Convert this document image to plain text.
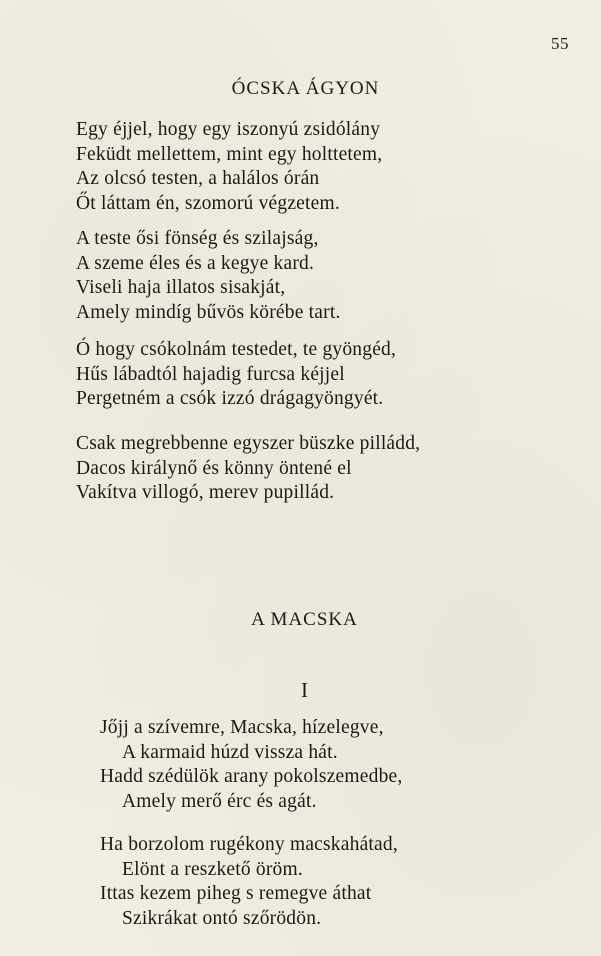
55
ÓCSKA ÁGYON
Egy éjjel, hogy egy iszonyú zsidólány
Feküdt mellettem, mint egy holttetem,
Az olcsó testen, a halálos órán
Őt láttam én, szomorú végzetem.
A teste ősi fönség és szilajság,
A szeme éles és a kegye kard.
Viseli haja illatos sisakját,
Amely mindíg bűvös körébe tart.
Ó hogy csókolnám testedet, te gyöngéd,
Hűs lábadtól hajadig furcsa kéjjel
Pergetném a csók izzó drágagyöngyét.
Csak megrebbenne egyszer büszke pilládd,
Dacos királynő és könny öntené el
Vakítva villogó, merev pupillád.
A MACSKA
I
Jőjj a szívemre, Macska, hízelegve,
A karmaid húzd vissza hát.
Hadd szédülök arany pokolszemedbe,
Amely merő érc és agát.
Ha borzolom rugékony macskahátad,
Elönt a reszkető öröm.
Ittas kezem piheg s remegve áthat
Szikrákat ontó szőrödön.
